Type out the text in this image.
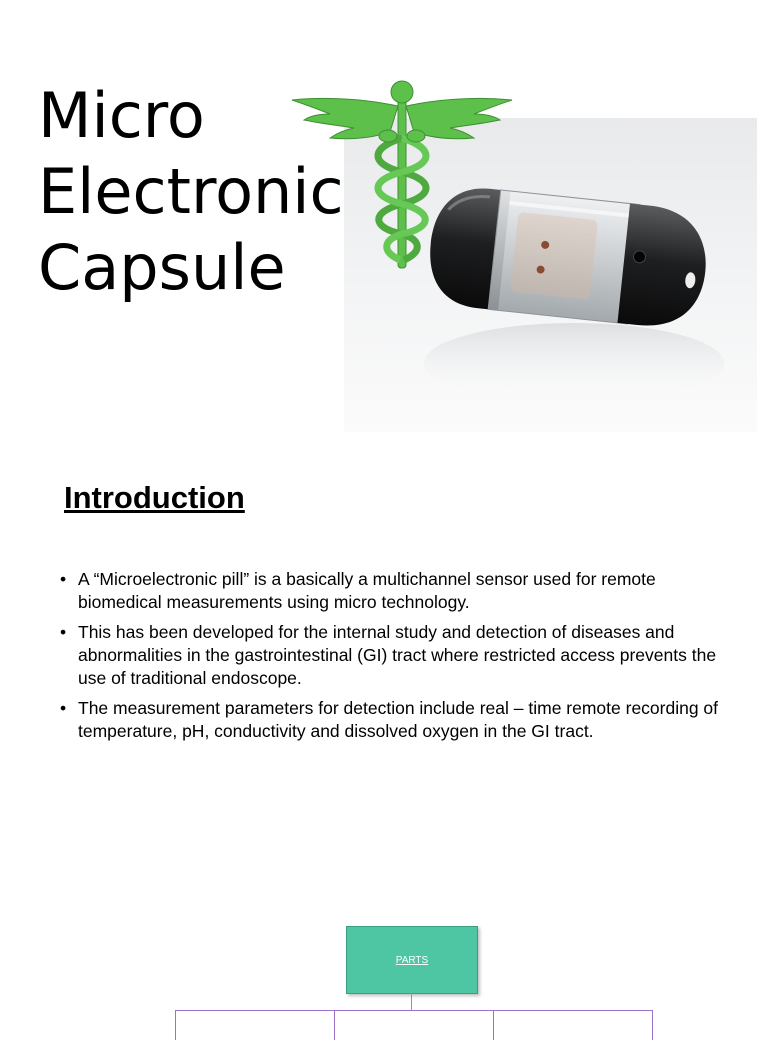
Micro
Electronic
Capsule
Introduction
• A “Microelectronic pill” is a basically a multichannel sensor used for remote biomedical measurements using micro technology.
• This has been developed for the internal study and detection of diseases and abnormalities in the gastrointestinal (GI) tract where restricted access prevents the use of traditional endoscope.
• The measurement parameters for detection include real – time remote recording of temperature, pH, conductivity and dissolved oxygen in the GI tract.
PARTS
